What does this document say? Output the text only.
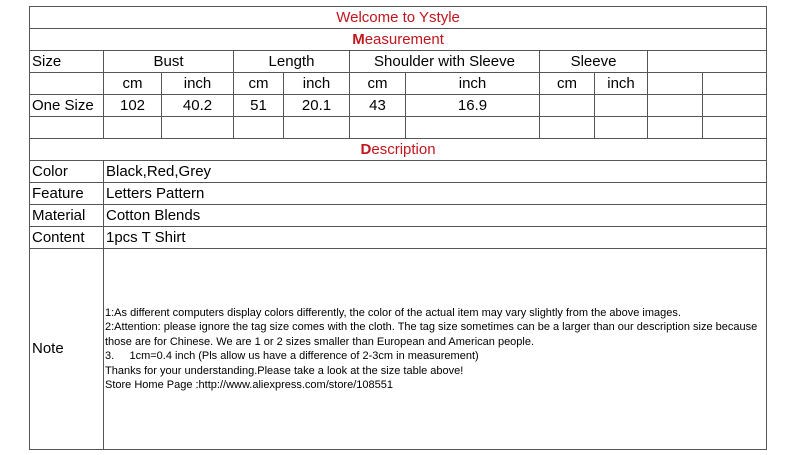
Welcome to Ystyle										
Measurement										
Size	Bust		Length		Shoulder with Sleeve		Sleeve			
	cm	inch	cm	inch	cm	inch	cm	inch		
One Size	102	40.2	51	20.1	43	16.9				

Description										
Color	Black,Red,Grey									
Feature	Letters Pattern									
Material	Cotton Blends									
Content	1pcs T Shirt									
Note	1:As different computers display colors differently, the color of the actual item may vary slightly from the above images.
2:Attention: please ignore the tag size comes with the cloth. The tag size sometimes can be a larger than our description size because those are for Chinese. We are 1 or 2 sizes smaller than European and American people.
3.     1cm=0.4 inch (Pls allow us have a difference of 2-3cm in measurement)
Thanks for your understanding.Please take a look at the size table above!
Store Home Page :http://www.aliexpress.com/store/108551									
